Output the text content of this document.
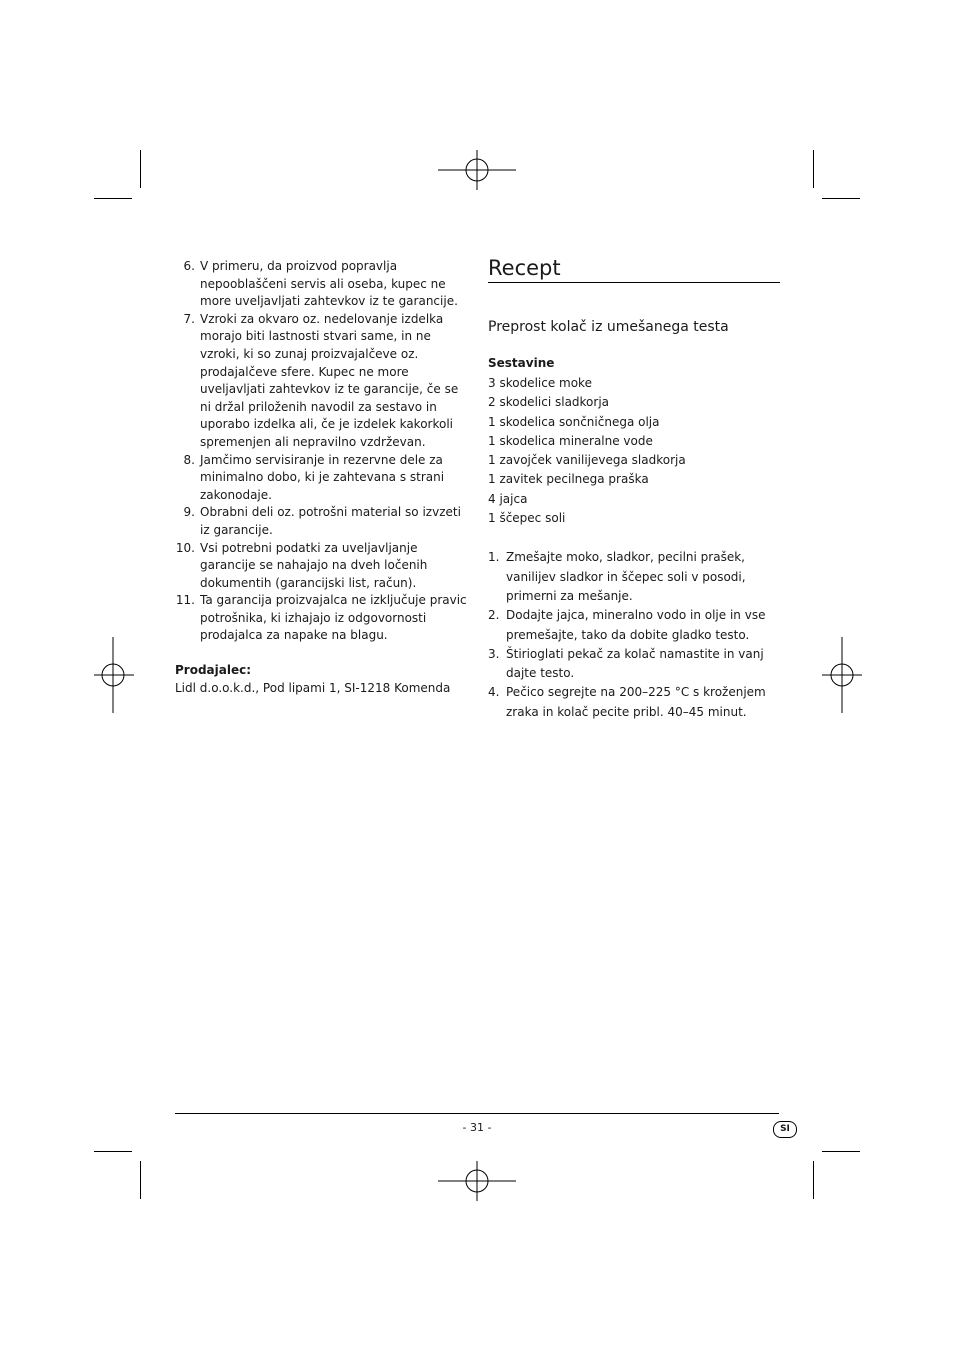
6. V primeru, da proizvod popravlja nepooblaščeni servis ali oseba, kupec ne more uveljavljati zahtevkov iz te garancije.
7. Vzroki za okvaro oz. nedelovanje izdelka morajo biti lastnosti stvari same, in ne vzroki, ki so zunaj proizvajalčeve oz. prodajalčeve sfere. Kupec ne more uveljavljati zahtevkov iz te garancije, če se ni držal priloženih navodil za sestavo in uporabo izdelka ali, če je izdelek kakorkoli spremenjen ali nepravilno vzdrževan.
8. Jamčimo servisiranje in rezervne dele za minimalno dobo, ki je zahtevana s strani zakonodaje.
9. Obrabni deli oz. potrošni material so izvzeti iz garancije.
10. Vsi potrebni podatki za uveljavljanje garancije se nahajajo na dveh ločenih dokumentih (garancijski list, račun).
11. Ta garancija proizvajalca ne izključuje pravic potrošnika, ki izhajajo iz odgovornosti prodajalca za napake na blagu.
Prodajalec:
Lidl d.o.o.k.d., Pod lipami 1, SI-1218 Komenda
Recept
Preprost kolač iz umešanega testa
Sestavine
3 skodelice moke
2 skodelici sladkorja
1 skodelica sončničnega olja
1 skodelica mineralne vode
1 zavojček vanilijevega sladkorja
1 zavitek pecilnega praška
4 jajca
1 ščepec soli
1. Zmešajte moko, sladkor, pecilni prašek, vanilijev sladkor in ščepec soli v posodi, primerni za mešanje.
2. Dodajte jajca, mineralno vodo in olje in vse premešajte, tako da dobite gladko testo.
3. Štirioglati pekač za kolač namastite in vanj dajte testo.
4. Pečico segrejte na 200–225 °C s kroženjem zraka in kolač pecite pribl. 40–45 minut.
- 31 -	SI
